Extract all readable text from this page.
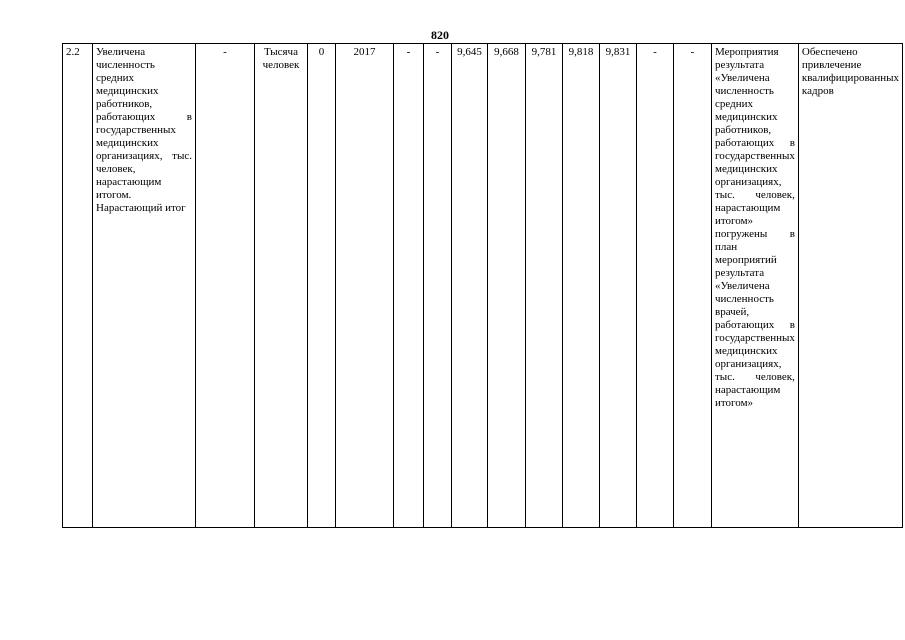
820
2.2	Увеличена численность средних медицинских работников, работающих в государственных медицинских организациях, тыс. человек, нарастающим итогом. Нарастающий итог	-	Тысяча человек	0	2017	-	-	9,645	9,668	9,781	9,818	9,831	-	-	Мероприятия результата «Увеличена численность средних медицинских работников, работающих в государственных медицинских организациях, тыс. человек, нарастающим итогом» погружены в план мероприятий результата «Увеличена численность врачей, работающих в государственных медицинских организациях, тыс. человек, нарастающим итогом»	Обеспечено привлечение квалифицированных кадров
